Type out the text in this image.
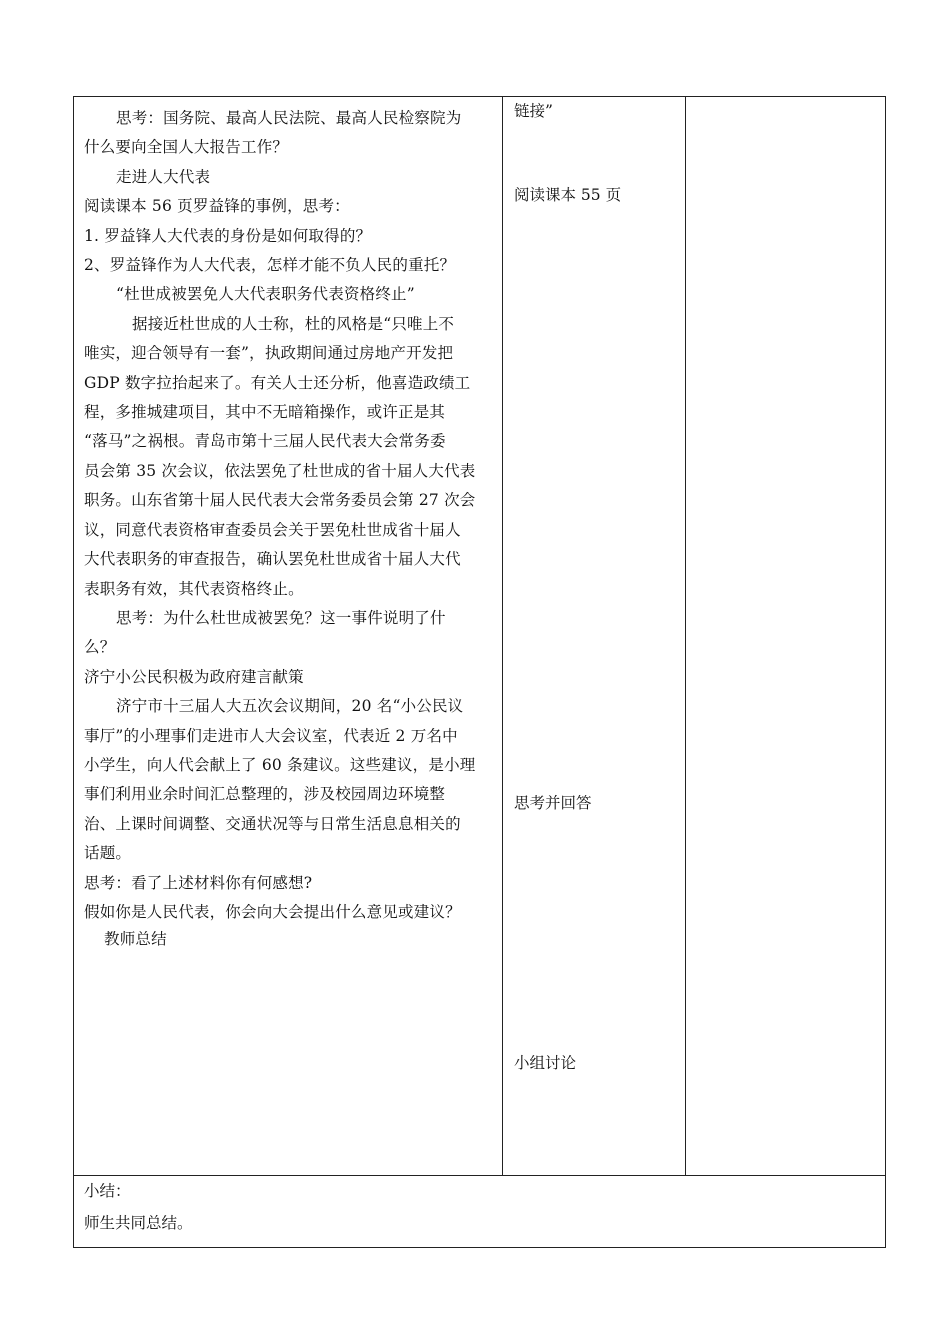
思考：国务院、最高人民法院、最高人民检察院为
什么要向全国人大报告工作？
走进人大代表
阅读课本 56 页罗益锋的事例，思考：
1. 罗益锋人大代表的身份是如何取得的？
2、罗益锋作为人大代表，怎样才能不负人民的重托？
“杜世成被罢免人大代表职务代表资格终止”
据接近杜世成的人士称，杜的风格是“只唯上不
唯实，迎合领导有一套”，执政期间通过房地产开发把
GDP 数字拉抬起来了。有关人士还分析，他喜造政绩工
程，多推城建项目，其中不无暗箱操作，或许正是其
“落马”之祸根。青岛市第十三届人民代表大会常务委
员会第 35 次会议，依法罢免了杜世成的省十届人大代表
职务。山东省第十届人民代表大会常务委员会第 27 次会
议，同意代表资格审查委员会关于罢免杜世成省十届人
大代表职务的审查报告，确认罢免杜世成省十届人大代
表职务有效，其代表资格终止。
思考：为什么杜世成被罢免？这一事件说明了什
么？
济宁小公民积极为政府建言献策
济宁市十三届人大五次会议期间，20 名“小公民议
事厅”的小理事们走进市人大会议室，代表近 2 万名中
小学生，向人代会献上了 60 条建议。这些建议，是小理
事们利用业余时间汇总整理的，涉及校园周边环境整
治、上课时间调整、交通状况等与日常生活息息相关的
话题。
思考：看了上述材料你有何感想?
假如你是人民代表，你会向大会提出什么意见或建议？
教师总结
链接”
阅读课本 55 页
思考并回答
小组讨论
小结：
师生共同总结。
